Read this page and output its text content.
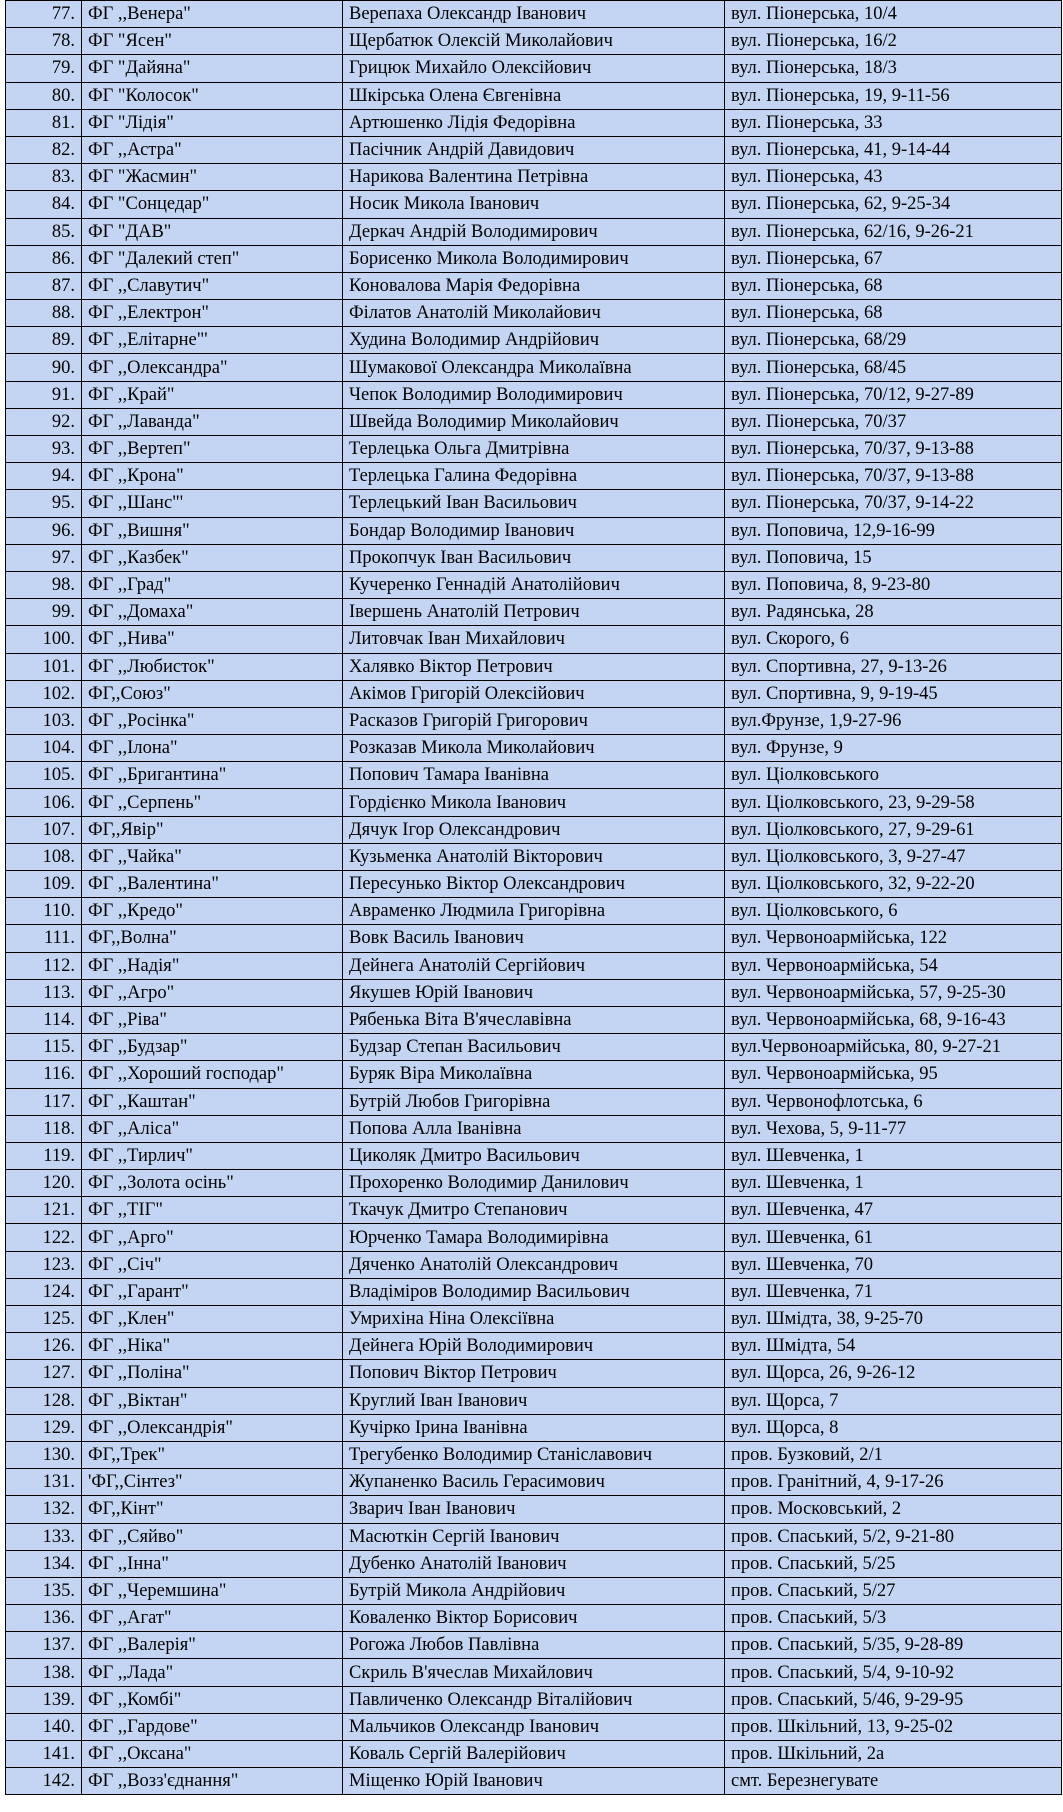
77.	ФГ ,,Венера"	Верепаха Олександр Іванович	вул. Піонерська, 10/4
78.	ФГ "Ясен"	Щербатюк Олексій Миколайович	вул. Піонерська, 16/2
79.	ФГ "Дайяна"	Грицюк Михайло Олексійович	вул. Піонерська, 18/3
80.	ФГ "Колосок"	Шкірська Олена Євгенівна	вул. Піонерська, 19, 9-11-56
81.	ФГ "Лідія"	Артюшенко Лідія Федорівна	вул. Піонерська, 33
82.	ФГ ,,Астра"	Пасічник Андрій Давидович	вул. Піонерська, 41, 9-14-44
83.	ФГ "Жасмин"	Нарикова Валентина Петрівна	вул. Піонерська, 43
84.	ФГ "Сонцедар"	Носик Микола Іванович	вул. Піонерська, 62, 9-25-34
85.	ФГ "ДАВ"	Деркач Андрій Володимирович	вул. Піонерська, 62/16, 9-26-21
86.	ФГ "Далекий степ"	Борисенко Микола Володимирович	вул. Піонерська, 67
87.	ФГ ,,Славутич"	Коновалова Марія Федорівна	вул. Піонерська, 68
88.	ФГ ,,Електрон"	Філатов Анатолій Миколайович	вул. Піонерська, 68
89.	ФГ ,,Елітарне"'	Худина Володимир Андрійович	вул. Піонерська, 68/29
90.	ФГ ,,Олександра"	Шумакової Олександра Миколаївна	вул. Піонерська, 68/45
91.	ФГ ,,Край"	Чепок Володимир Володимирович	вул. Піонерська, 70/12, 9-27-89
92.	ФГ ,,Лаванда"	Швейда Володимир Миколайович	вул. Піонерська, 70/37
93.	ФГ ,,Вертеп"	Терлецька Ольга Дмитрівна	вул. Піонерська, 70/37, 9-13-88
94.	ФГ ,,Крона"	Терлецька Галина Федорівна	вул. Піонерська, 70/37, 9-13-88
95.	ФГ ,,Шанс"'	Терлецький Іван Васильович	вул. Піонерська, 70/37, 9-14-22
96.	ФГ ,,Вишня"	Бондар Володимир Іванович	вул. Поповича, 12,9-16-99
97.	ФГ ,,Казбек"	Прокопчук Іван Васильович	вул. Поповича, 15
98.	ФГ ,,Град"	Кучеренко Геннадій Анатолійович	вул. Поповича, 8, 9-23-80
99.	ФГ ,,Домаха"	Івершень Анатолій Петрович	вул. Радянська, 28
100.	ФГ ,,Нива"	Литовчак Іван Михайлович	вул. Скорого, 6
101.	ФГ ,,Любисток"	Халявко Віктор Петрович	вул. Спортивна, 27, 9-13-26
102.	ФГ,,Союз"	Акімов Григорій Олексійович	вул. Спортивна, 9, 9-19-45
103.	ФГ ,,Росінка"	Расказов Григорій Григорович	вул.Фрунзе, 1,9-27-96
104.	ФГ ,,Ілона"	Розказав Микола Миколайович	вул. Фрунзе, 9
105.	ФГ ,,Бригантина"	Попович Тамара Іванівна	вул. Ціолковського
106.	ФГ ,,Серпень"	Гордієнко Микола Іванович	вул. Ціолковського, 23, 9-29-58
107.	ФГ,,Явір"	Дячук Ігор Олександрович	вул. Ціолковського, 27, 9-29-61
108.	ФГ ,,Чайка"	Кузьменка Анатолій Вікторович	вул. Ціолковського, 3, 9-27-47
109.	ФГ ,,Валентина"	Пересунько Віктор Олександрович	вул. Ціолковського, 32, 9-22-20
110.	ФГ ,,Кредо"	Авраменко Людмила Григорівна	вул. Ціолковського, 6
111.	ФГ,,Волна"	Вовк Василь Іванович	вул. Червоноармійська, 122
112.	ФГ ,,Надія"	Дейнега Анатолій Сергійович	вул. Червоноармійська, 54
113.	ФГ ,,Агро"	Якушев Юрій Іванович	вул. Червоноармійська, 57, 9-25-30
114.	ФГ ,,Ріва"	Рябенька Віта В'ячеславівна	вул. Червоноармійська, 68, 9-16-43
115.	ФГ ,,Будзар"	Будзар Степан Васильович	вул.Червоноармійська, 80, 9-27-21
116.	ФГ ,,Хороший господар"	Буряк Віра Миколаївна	вул. Червоноармійська, 95
117.	ФГ ,,Каштан"	Бутрій Любов Григорівна	вул. Червонофлотська, 6
118.	ФГ ,,Аліса"	Попова Алла Іванівна	вул. Чехова, 5, 9-11-77
119.	ФГ ,,Тирлич"	Циколяк Дмитро Васильович	вул. Шевченка, 1
120.	ФГ ,,Золота осінь"	Прохоренко Володимир Данилович	вул. Шевченка, 1
121.	ФГ ,,ТІГ"	Ткачук Дмитро Степанович	вул. Шевченка, 47
122.	ФГ ,,Арго"	Юрченко Тамара Володимирівна	вул. Шевченка, 61
123.	ФГ ,,Січ"	Дяченко Анатолій Олександрович	вул. Шевченка, 70
124.	ФГ ,,Гарант"	Владіміров Володимир Васильович	вул. Шевченка, 71
125.	ФГ ,,Клен"	Умрихіна Ніна Олексіївна	вул. Шмідта, 38, 9-25-70
126.	ФГ ,,Ніка"	Дейнега Юрій Володимирович	вул. Шмідта, 54
127.	ФГ ,,Поліна"	Попович Віктор Петрович	вул. Щорса, 26, 9-26-12
128.	ФГ ,,Віктан"	Круглий Іван Іванович	вул. Щорса, 7
129.	ФГ ,,Олександрія"	Кучірко Ірина Іванівна	вул. Щорса, 8
130.	ФГ,,Трек"	Трегубенко Володимир Станіславович	пров. Бузковий, 2/1
131.	'ФГ,,Сінтез"	Жупаненко Василь Герасимович	пров. Гранітний, 4, 9-17-26
132.	ФГ,,Кінт"	Зварич Іван Іванович	пров. Московський, 2
133.	ФГ ,,Сяйво"	Масюткін Сергій Іванович	пров. Спаський, 5/2, 9-21-80
134.	ФГ ,,Інна"	Дубенко Анатолій Іванович	пров. Спаський, 5/25
135.	ФГ ,,Черемшина"	Бутрій Микола Андрійович	пров. Спаський, 5/27
136.	ФГ ,,Агат"	Коваленко Віктор Борисович	пров. Спаський, 5/3
137.	ФГ ,,Валерія"	Рогожа Любов Павлівна	пров. Спаський, 5/35, 9-28-89
138.	ФГ ,,Лада"	Скриль В'ячеслав Михайлович	пров. Спаський, 5/4, 9-10-92
139.	ФГ ,,Комбі"	Павличенко Олександр Віталійович	пров. Спаський, 5/46, 9-29-95
140.	ФГ ,,Гардове"	Мальчиков Олександр Іванович	пров. Шкільний, 13, 9-25-02
141.	ФГ ,,Оксана"	Коваль Сергій Валерійович	пров. Шкільний, 2а
142.	ФГ ,,Возз'єднання"	Міщенко Юрій Іванович	смт. Березнегувате
